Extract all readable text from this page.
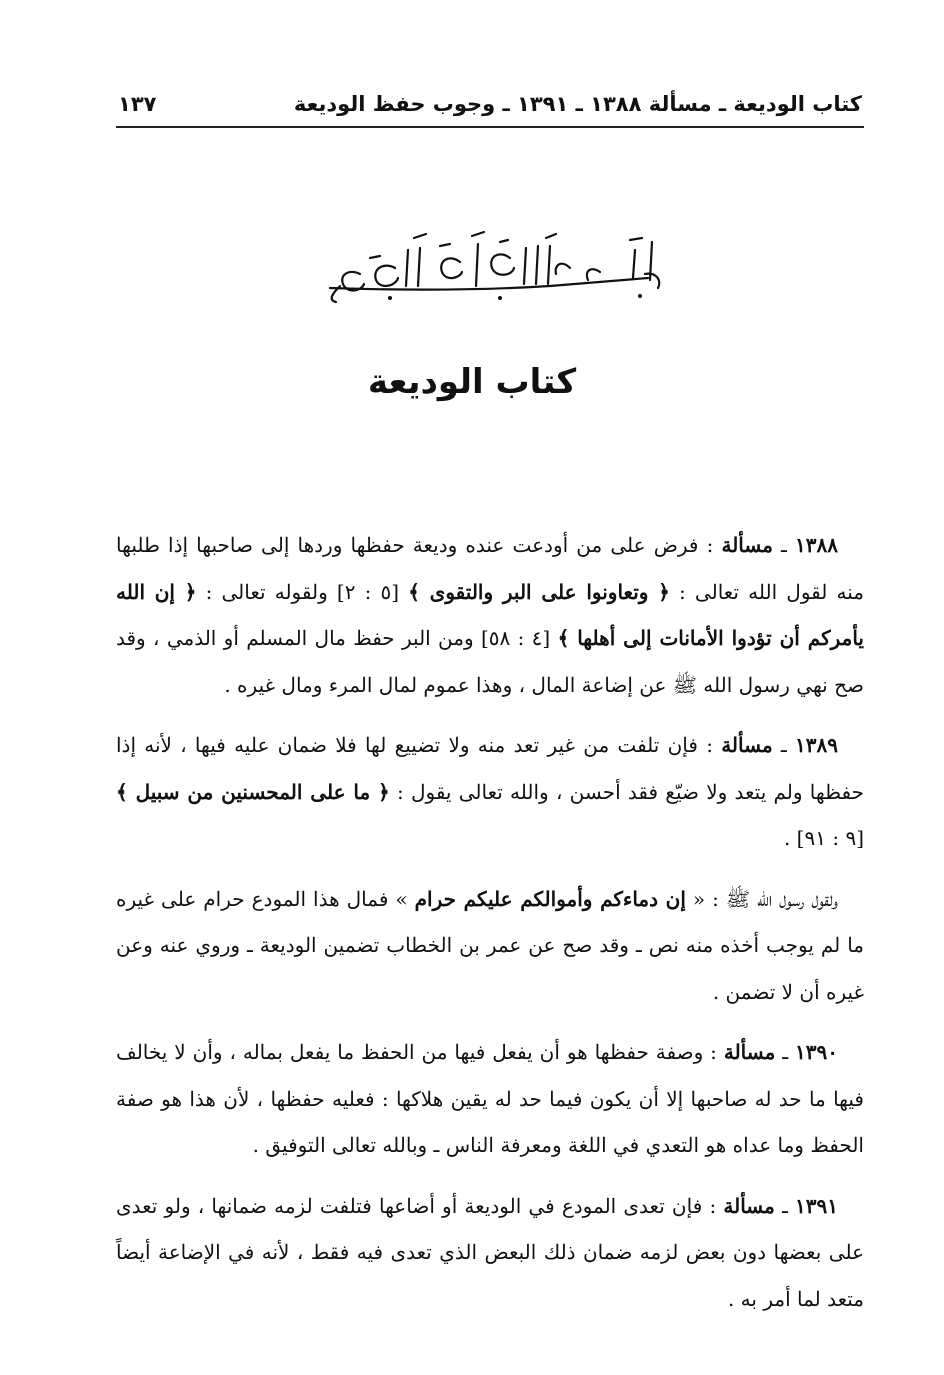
كتاب الوديعة ـ مسألة ١٣٨٨ ـ ١٣٩١ ـ وجوب حفظ الوديعة
١٣٧
كتاب الوديعة

١٣٨٨ ـ مسألة : فرض على من أودعت عنده وديعة حفظها وردها إلى صاحبها إذا طلبها منه لقول الله تعالى : ﴿ وتعاونوا على البر والتقوى ﴾ [٥ : ٢] ولقوله تعالى : ﴿ إن الله يأمركم أن تؤدوا الأمانات إلى أهلها ﴾ [٤ : ٥٨] ومن البر حفظ مال المسلم أو الذمي ، وقد صح نهي رسول الله ﷺ عن إضاعة المال ، وهذا عموم لمال المرء ومال غيره .

١٣٨٩ ـ مسألة : فإن تلفت من غير تعد منه ولا تضييع لها فلا ضمان عليه فيها ، لأنه إذا حفظها ولم يتعد ولا ضيّع فقد أحسن ، والله تعالى يقول : ﴿ ما على المحسنين من سبيل ﴾ [٩ : ٩١] .

ولقول رسول الله ﷺ : « إن دماءكم وأموالكم عليكم حرام » فمال هذا المودع حرام على غيره ما لم يوجب أخذه منه نص ـ وقد صح عن عمر بن الخطاب تضمين الوديعة ـ وروي عنه وعن غيره أن لا تضمن .

١٣٩٠ ـ مسألة : وصفة حفظها هو أن يفعل فيها من الحفظ ما يفعل بماله ، وأن لا يخالف فيها ما حد له صاحبها إلا أن يكون فيما حد له يقين هلاكها : فعليه حفظها ، لأن هذا هو صفة الحفظ وما عداه هو التعدي في اللغة ومعرفة الناس ـ وبالله تعالى التوفيق .

١٣٩١ ـ مسألة : فإن تعدى المودع في الوديعة أو أضاعها فتلفت لزمه ضمانها ، ولو تعدى على بعضها دون بعض لزمه ضمان ذلك البعض الذي تعدى فيه فقط ، لأنه في الإضاعة أيضاً متعد لما أمر به .
